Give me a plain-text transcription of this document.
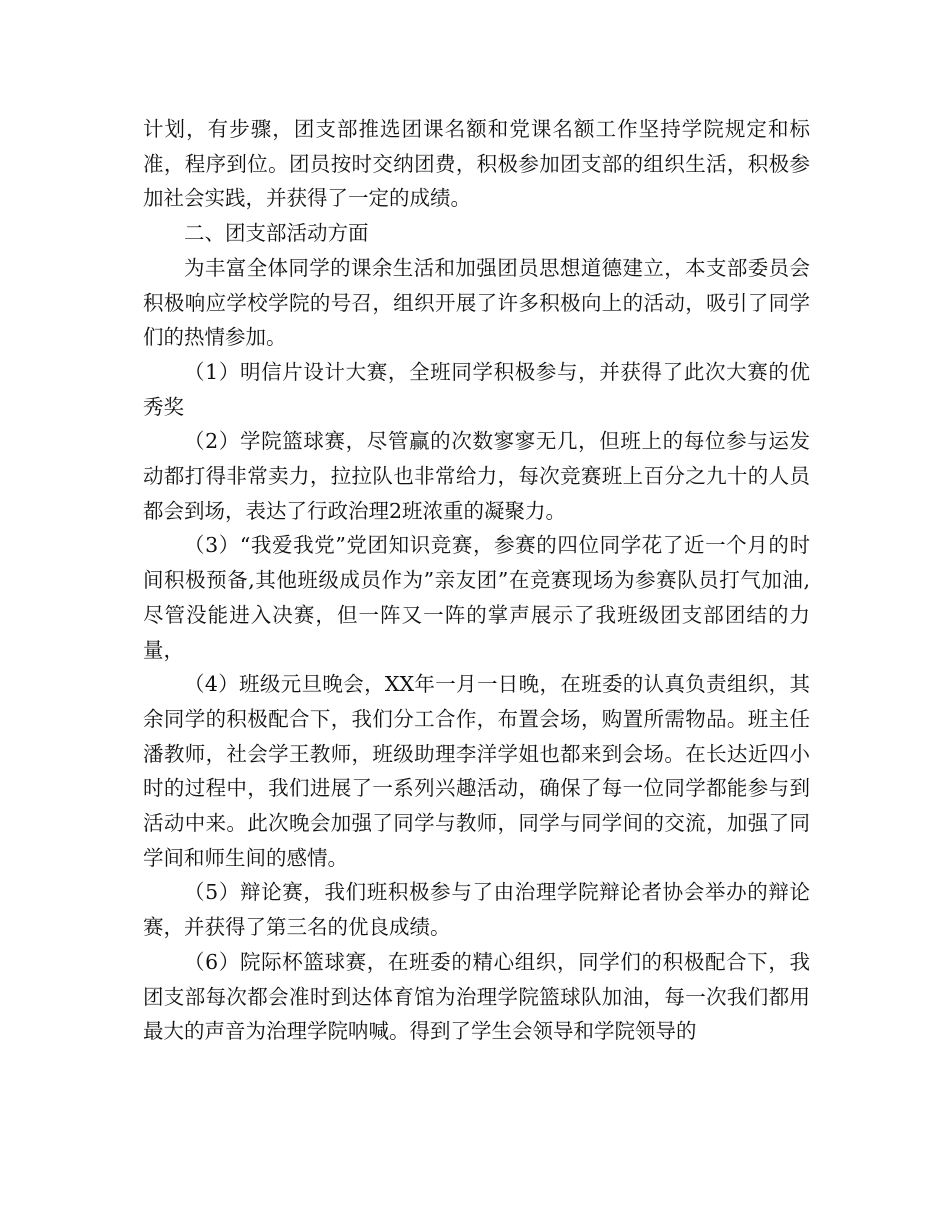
计划，有步骤，团支部推选团课名额和党课名额工作坚持学院规定和标准，程序到位。团员按时交纳团费，积极参加团支部的组织生活，积极参加社会实践，并获得了一定的成绩。

二、团支部活动方面

为丰富全体同学的课余生活和加强团员思想道德建立，本支部委员会积极响应学校学院的号召，组织开展了许多积极向上的活动，吸引了同学们的热情参加。

（1）明信片设计大赛，全班同学积极参与，并获得了此次大赛的优秀奖

（2）学院篮球赛，尽管赢的次数寥寥无几，但班上的每位参与运发动都打得非常卖力，拉拉队也非常给力，每次竞赛班上百分之九十的人员都会到场，表达了行政治理2班浓重的凝聚力。

（3）“我爱我党”党团知识竞赛，参赛的四位同学花了近一个月的时间积极预备,其他班级成员作为”亲友团”在竞赛现场为参赛队员打气加油,尽管没能进入决赛，但一阵又一阵的掌声展示了我班级团支部团结的力量，

（4）班级元旦晚会，XX年一月一日晚，在班委的认真负责组织，其余同学的积极配合下，我们分工合作，布置会场，购置所需物品。班主任潘教师，社会学王教师，班级助理李洋学姐也都来到会场。在长达近四小时的过程中，我们进展了一系列兴趣活动，确保了每一位同学都能参与到活动中来。此次晚会加强了同学与教师，同学与同学间的交流，加强了同学间和师生间的感情。

（5）辩论赛，我们班积极参与了由治理学院辩论者协会举办的辩论赛，并获得了第三名的优良成绩。

（6）院际杯篮球赛，在班委的精心组织，同学们的积极配合下，我团支部每次都会准时到达体育馆为治理学院篮球队加油，每一次我们都用最大的声音为治理学院呐喊。得到了学生会领导和学院领导的
